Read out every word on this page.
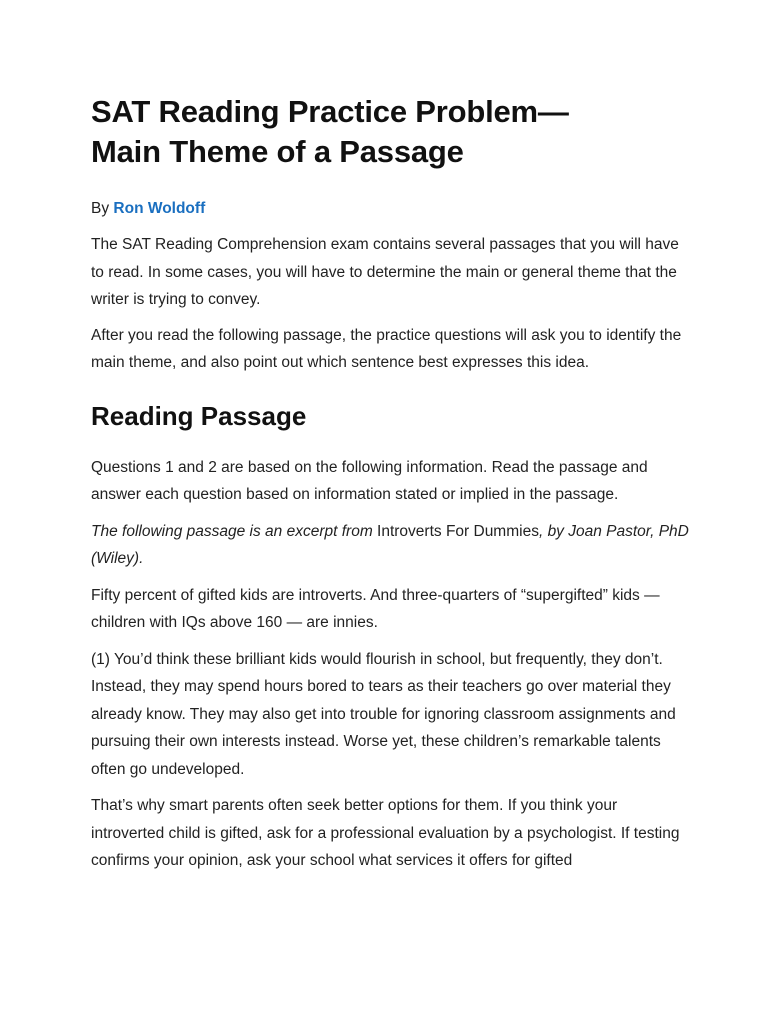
SAT Reading Practice Problem—
Main Theme of a Passage
By Ron Woldoff

The SAT Reading Comprehension exam contains several passages that you will have to read. In some cases, you will have to determine the main or general theme that the writer is trying to convey.

After you read the following passage, the practice questions will ask you to identify the main theme, and also point out which sentence best expresses this idea.

Reading Passage

Questions 1 and 2 are based on the following information. Read the passage and answer each question based on information stated or implied in the passage.

The following passage is an excerpt from Introverts For Dummies, by Joan Pastor, PhD (Wiley).

Fifty percent of gifted kids are introverts. And three-quarters of “supergifted” kids — children with IQs above 160 — are innies.

(1) You’d think these brilliant kids would flourish in school, but frequently, they don’t. Instead, they may spend hours bored to tears as their teachers go over material they already know. They may also get into trouble for ignoring classroom assignments and pursuing their own interests instead. Worse yet, these children’s remarkable talents often go undeveloped.

That’s why smart parents often seek better options for them. If you think your introverted child is gifted, ask for a professional evaluation by a psychologist. If testing confirms your opinion, ask your school what services it offers for gifted
